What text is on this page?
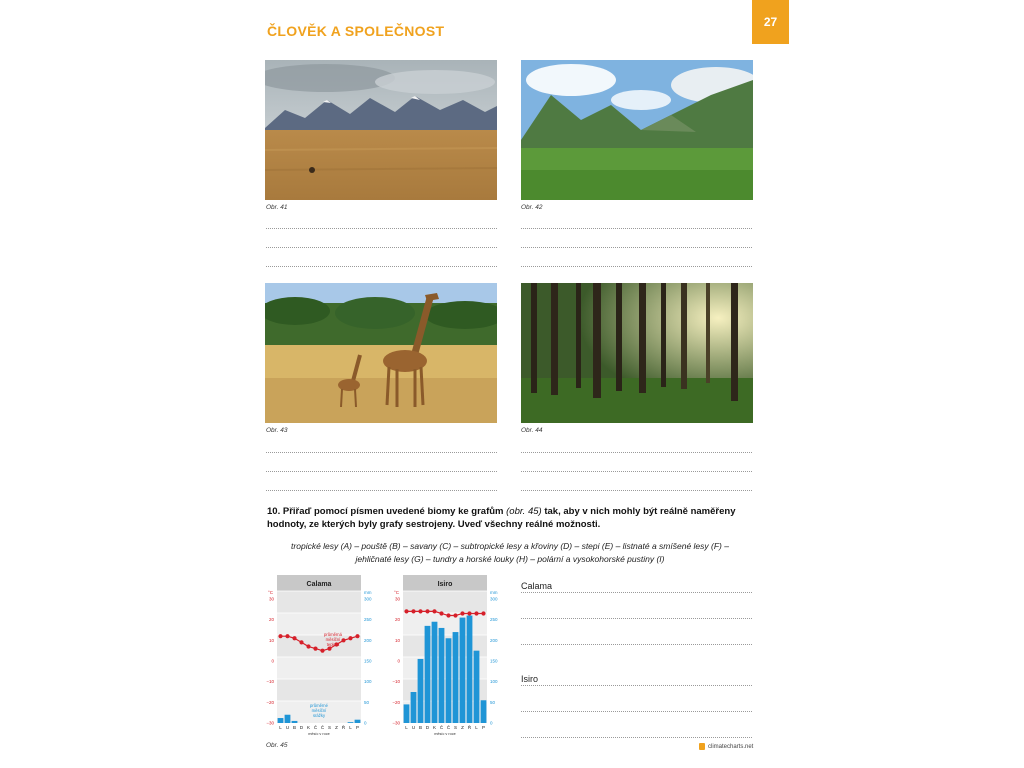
ČLOVĚK A SPOLEČNOST
27
Obr. 41	Obr. 42
Obr. 43	Obr. 44
10. Přiřaď pomocí písmen uvedené biomy ke grafům (obr. 45) tak, aby v nich mohly být reálně naměřeny hodnoty, ze kterých byly grafy sestrojeny. Uveď všechny reálné možnosti.
tropické lesy (A) – pouště (B) – savany (C) – subtropické lesy a křoviny (D) – stepi (E) – listnaté a smíšené lesy (F) –
jehličnaté lesy (G) – tundry a horské louky (H) – polární a vysokohorské pustiny (I)
Calama
°C	mm
30
20
10
0
−10
−20
−30
300
250
200
150
100
50
0
průměrná
měsíční
teplota
průměrné
měsíční
srážky
L U B D K Č Č S Z Ř L P
měsíc v roce
Isiro
°C	mm
30
20
10
0
−10
−20
−30
300
250
200
150
100
50
0
L U B D K Č Č S Z Ř L P
měsíc v roce
Obr. 45
Calama
Isiro
climatecharts.net
